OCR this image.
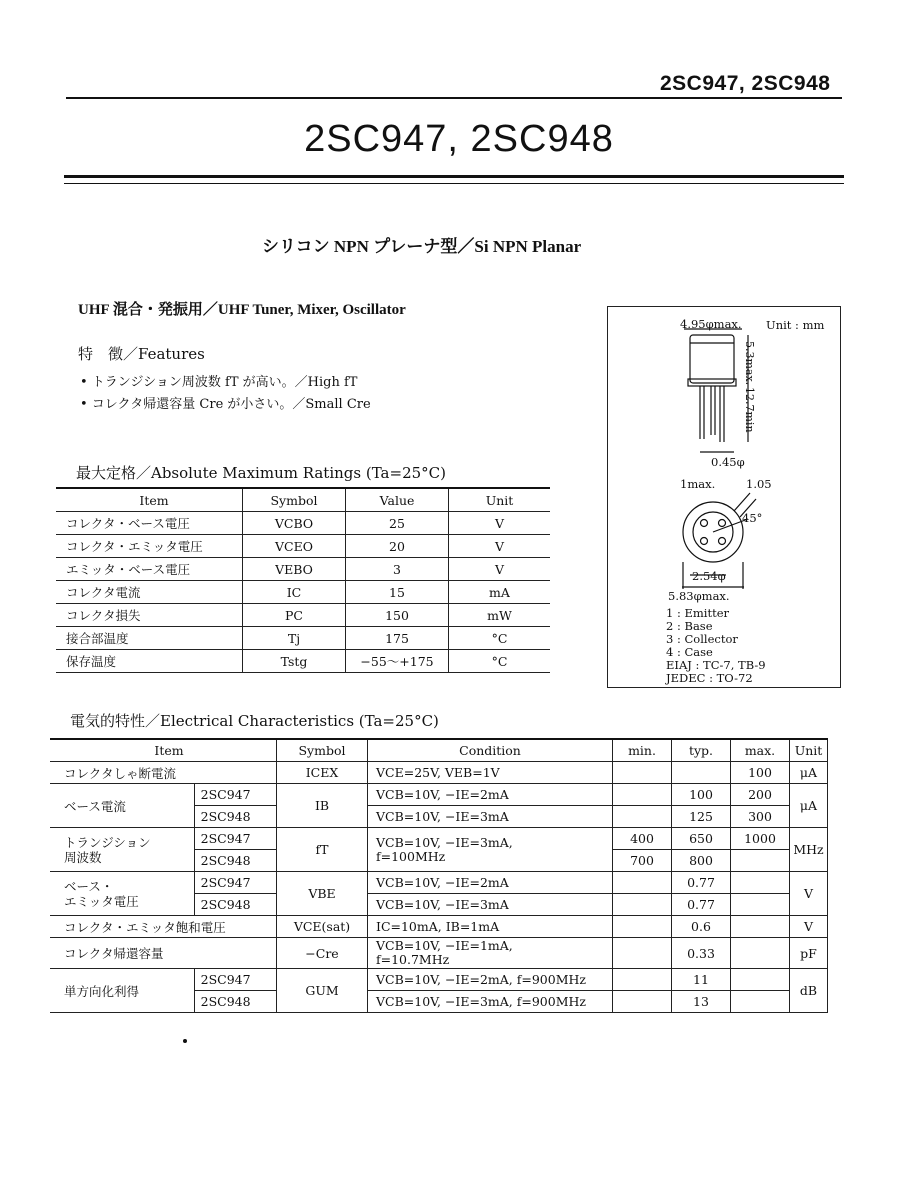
2SC947, 2SC948
2SC947, 2SC948
シリコン NPN プレーナ型／Si NPN Planar
UHF 混合・発振用／UHF Tuner, Mixer, Oscillator
特　徴／Features
• トランジション周波数 fT が高い。／High fT
• コレクタ帰還容量 Cre が小さい。／Small Cre
最大定格／Absolute Maximum Ratings (Ta=25°C)
Item	Symbol	Value	Unit
コレクタ・ベース電圧	VCBO	25	V
コレクタ・エミッタ電圧	VCEO	20	V
エミッタ・ベース電圧	VEBO	3	V
コレクタ電流	IC	15	mA
コレクタ損失	PC	150	mW
接合部温度	Tj	175	°C
保存温度	Tstg	−55～+175	°C
Unit : mm
4.95φmax.
5.3max.
12.7min
0.45φ
1max.	1.05
45°
2.54φ
5.83φmax.
1 : Emitter
2 : Base
3 : Collector
4 : Case
EIAJ : TC-7, TB-9
JEDEC : TO-72
電気的特性／Electrical Characteristics (Ta=25°C)
Item		Symbol	Condition	min.	typ.	max.	Unit
コレクタしゃ断電流		ICEX	VCE=25V, VEB=1V			100	μA
ベース電流	2SC947	IB	VCB=10V, −IE=2mA		100	200	μA
	2SC948		VCB=10V, −IE=3mA		125	300	
トランジション
周波数	2SC947	fT	VCB=10V, −IE=3mA,
f=100MHz	400	650	1000	MHz
	2SC948			700	800		
ベース・
エミッタ電圧	2SC947	VBE	VCB=10V, −IE=2mA		0.77		V
	2SC948		VCB=10V, −IE=3mA		0.77		
コレクタ・エミッタ飽和電圧		VCE(sat)	IC=10mA, IB=1mA		0.6		V
コレクタ帰還容量		−Cre	VCB=10V, −IE=1mA,
f=10.7MHz		0.33		pF
単方向化利得	2SC947	GUM	VCB=10V, −IE=2mA, f=900MHz		11		dB
	2SC948		VCB=10V, −IE=3mA, f=900MHz		13		
